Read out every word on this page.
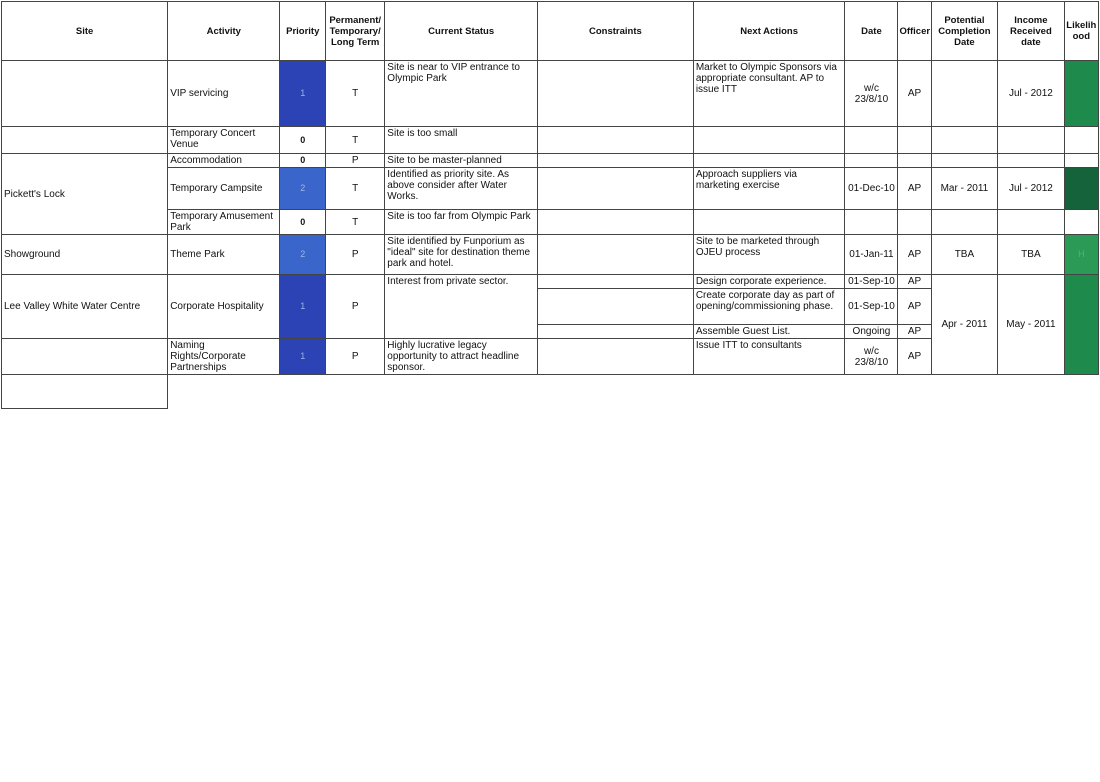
Site	Activity	Priority	Permanent/ Temporary/ Long Term	Current Status	Constraints	Next Actions	Date	Officer	Potential Completion Date	Income Received date	Likelihood
	VIP servicing	1	T	Site is near to VIP entrance to Olympic Park		Market to Olympic Sponsors via appropriate consultant. AP to issue ITT	w/c 23/8/10	AP		Jul - 2012	
	Temporary Concert Venue	0	T	Site is too small							
Pickett's Lock	Accommodation	0	P	Site to be master-planned							
	Temporary Campsite	2	T	Identified as priority site. As above consider after Water Works.		Approach suppliers via marketing exercise	01-Dec-10	AP	Mar - 2011	Jul - 2012	
	Temporary Amusement Park	0	T	Site is too far from Olympic Park							
Showground	Theme Park	2	P	Site identified by Funporium as "ideal" site for destination theme park and hotel.		Site to be marketed through OJEU process	01-Jan-11	AP	TBA	TBA	H
Lee Valley White Water Centre	Corporate Hospitality	1	P	Interest from private sector.		Design corporate experience.	01-Sep-10	AP	Apr - 2011	May - 2011	
						Create corporate day as part of opening/commissioning phase.	01-Sep-10	AP			
						Assemble Guest List.	Ongoing	AP			
	Naming Rights/Corporate Partnerships	1	P	Highly lucrative legacy opportunity to attract headline sponsor.		Issue ITT to consultants	w/c 23/8/10	AP			
